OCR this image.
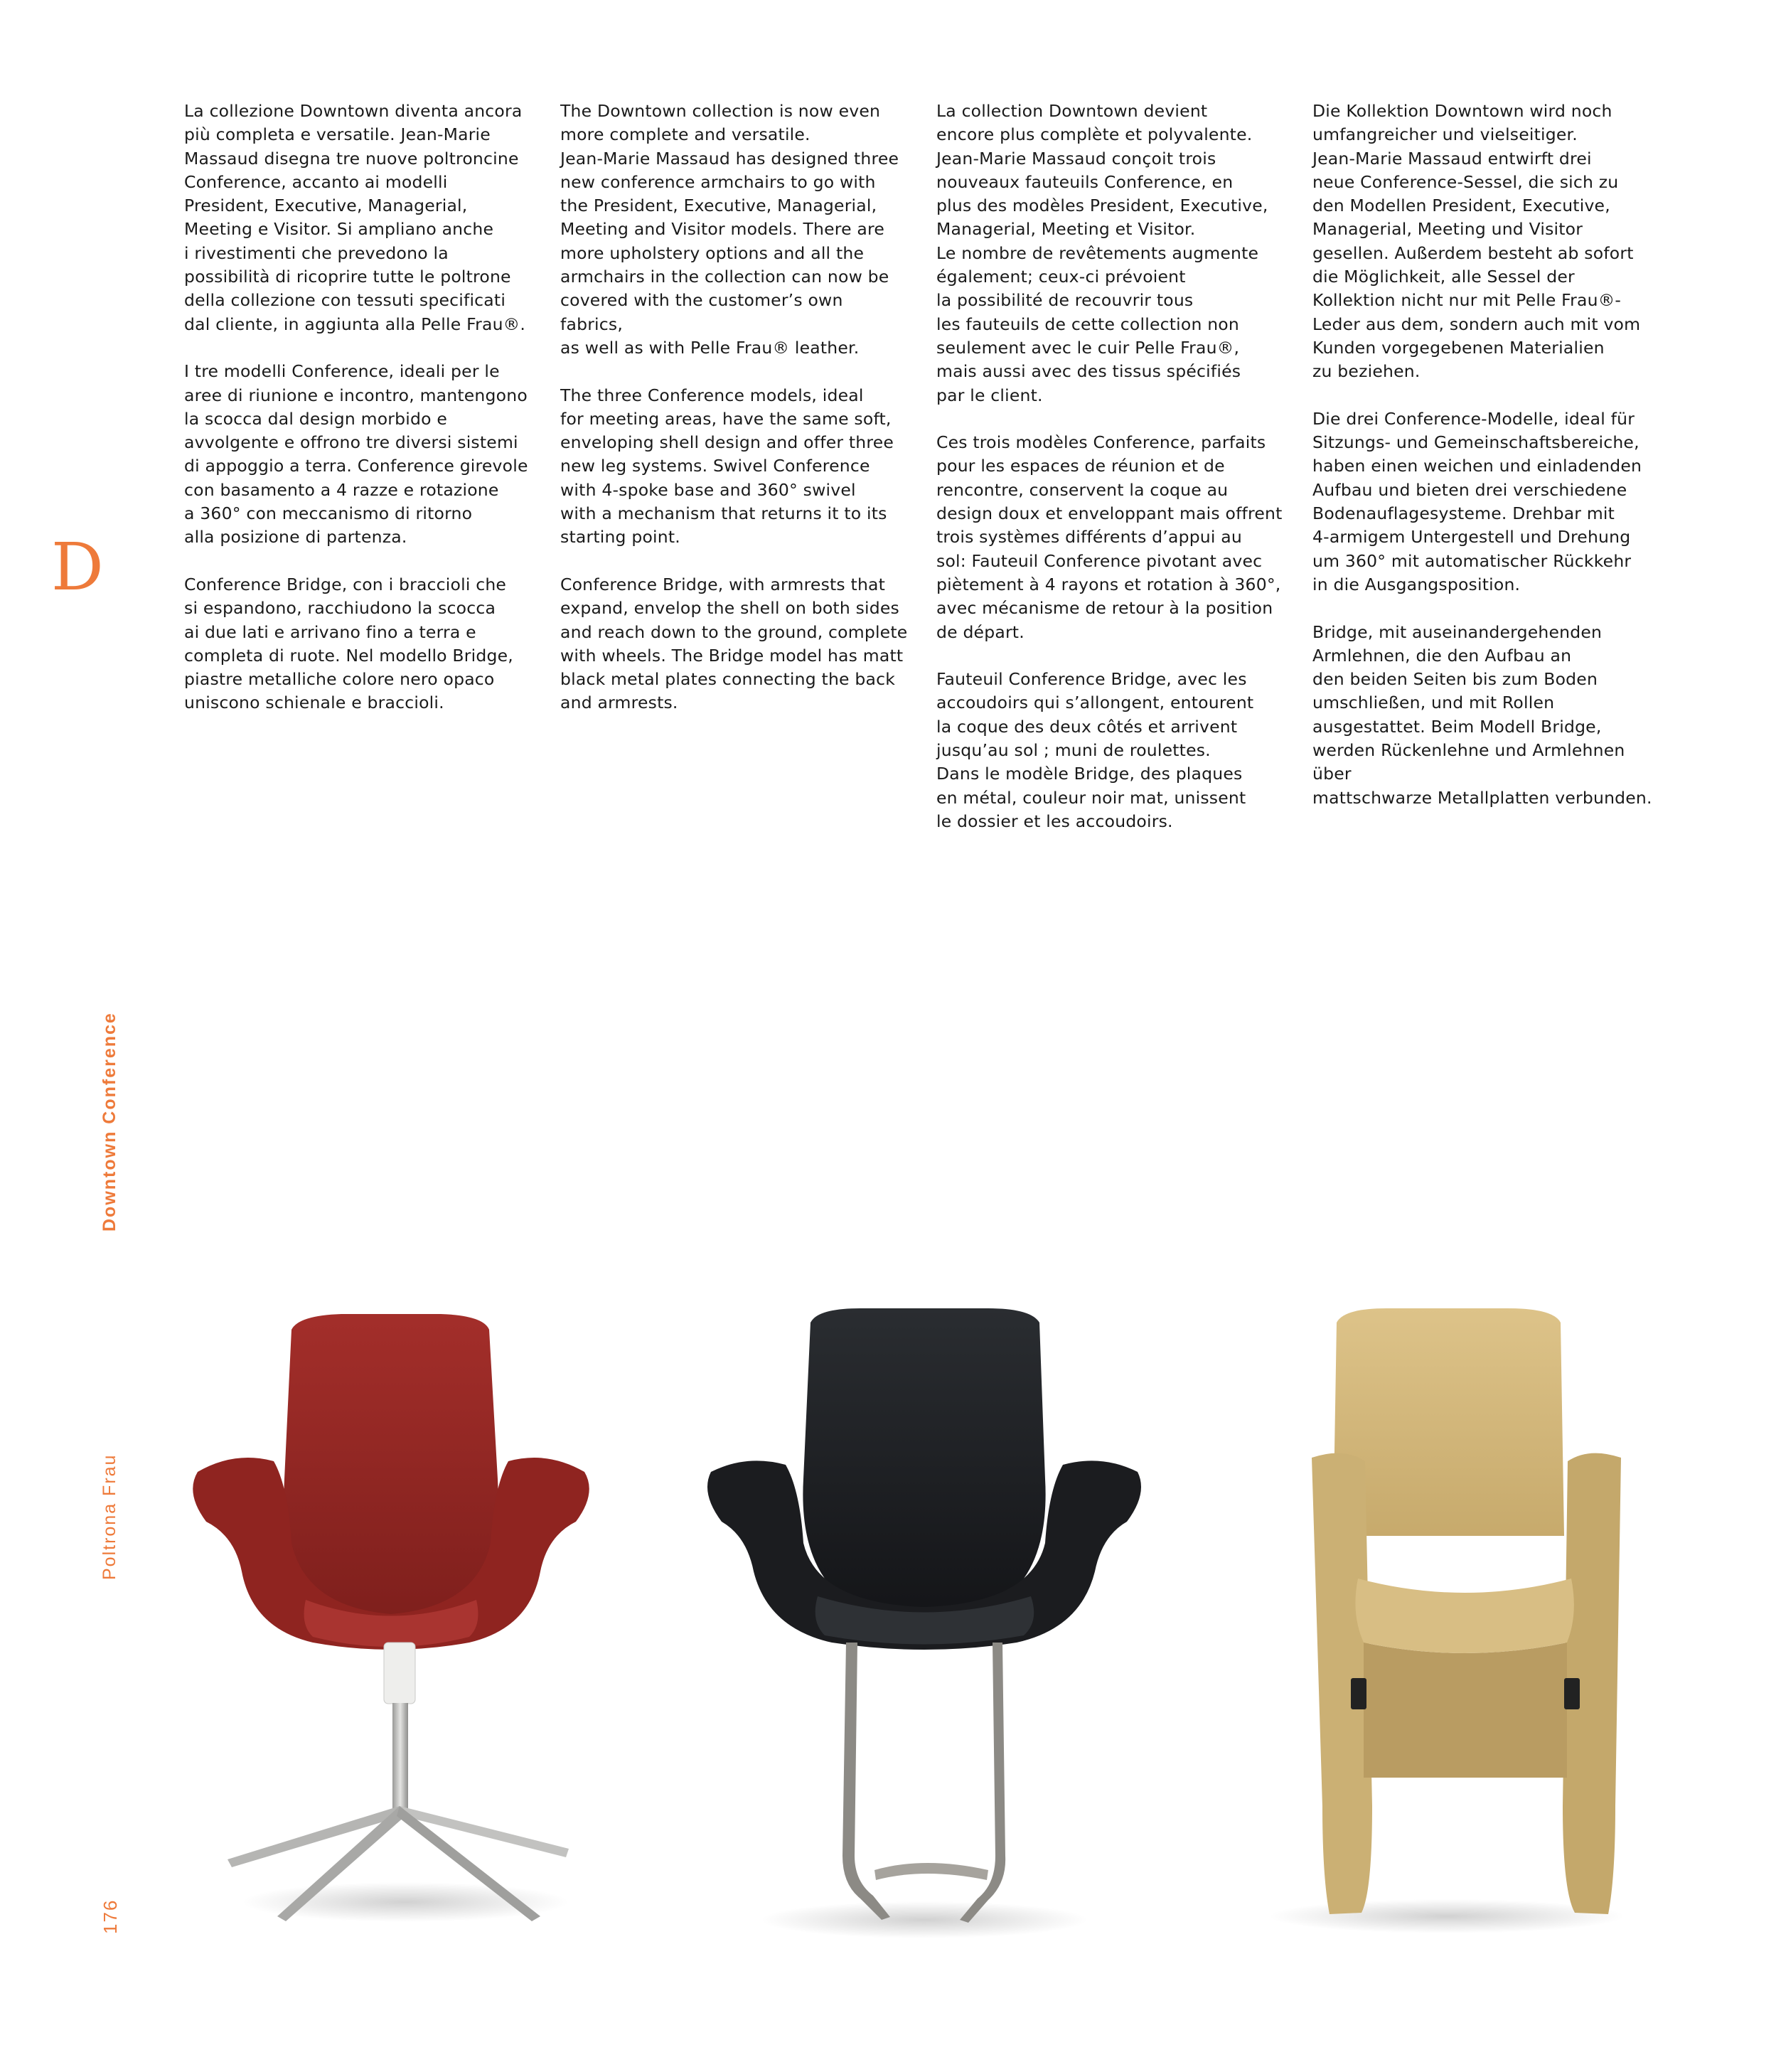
La collezione Downtown diventa ancora
più completa e versatile. Jean-Marie
Massaud disegna tre nuove poltroncine
Conference, accanto ai modelli
President, Executive, Managerial,
Meeting e Visitor. Si ampliano anche
i rivestimenti che prevedono la
possibilità di ricoprire tutte le poltrone
della collezione con tessuti specificati
dal cliente, in aggiunta alla Pelle Frau®.

I tre modelli Conference, ideali per le
aree di riunione e incontro, mantengono
la scocca dal design morbido e
avvolgente e offrono tre diversi sistemi
di appoggio a terra. Conference girevole
con basamento a 4 razze e rotazione
a 360° con meccanismo di ritorno
alla posizione di partenza.

Conference Bridge, con i braccioli che
si espandono, racchiudono la scocca
ai due lati e arrivano fino a terra e
completa di ruote. Nel modello Bridge,
piastre metalliche colore nero opaco
uniscono schienale e braccioli.

The Downtown collection is now even
more complete and versatile.
Jean-Marie Massaud has designed three
new conference armchairs to go with
the President, Executive, Managerial,
Meeting and Visitor models. There are
more upholstery options and all the
armchairs in the collection can now be
covered with the customer’s own fabrics,
as well as with Pelle Frau® leather.

The three Conference models, ideal
for meeting areas, have the same soft,
enveloping shell design and offer three
new leg systems. Swivel Conference
with 4-spoke base and 360° swivel
with a mechanism that returns it to its
starting point.

Conference Bridge, with armrests that
expand, envelop the shell on both sides
and reach down to the ground, complete
with wheels. The Bridge model has matt
black metal plates connecting the back
and armrests.

La collection Downtown devient
encore plus complète et polyvalente.
Jean-Marie Massaud conçoit trois
nouveaux fauteuils Conference, en
plus des modèles President, Executive,
Managerial, Meeting et Visitor.
Le nombre de revêtements augmente
également; ceux-ci prévoient
la possibilité de recouvrir tous
les fauteuils de cette collection non
seulement avec le cuir Pelle Frau®,
mais aussi avec des tissus spécifiés
par le client.

Ces trois modèles Conference, parfaits
pour les espaces de réunion et de
rencontre, conservent la coque au
design doux et enveloppant mais offrent
trois systèmes différents d’appui au
sol: Fauteuil Conference pivotant avec
piètement à 4 rayons et rotation à 360°,
avec mécanisme de retour à la position
de départ.

Fauteuil Conference Bridge, avec les
accoudoirs qui s’allongent, entourent
la coque des deux côtés et arrivent
jusqu’au sol ; muni de roulettes.
Dans le modèle Bridge, des plaques
en métal, couleur noir mat, unissent
le dossier et les accoudoirs.

Die Kollektion Downtown wird noch
umfangreicher und vielseitiger.
Jean-Marie Massaud entwirft drei
neue Conference-Sessel, die sich zu
den Modellen President, Executive,
Managerial, Meeting und Visitor
gesellen. Außerdem besteht ab sofort
die Möglichkeit, alle Sessel der
Kollektion nicht nur mit Pelle Frau®-
Leder aus dem, sondern auch mit vom
Kunden vorgegebenen Materialien
zu beziehen.

Die drei Conference-Modelle, ideal für
Sitzungs- und Gemeinschaftsbereiche,
haben einen weichen und einladenden
Aufbau und bieten drei verschiedene
Bodenauflagesysteme. Drehbar mit
4-armigem Untergestell und Drehung
um 360° mit automatischer Rückkehr
in die Ausgangsposition.

Bridge, mit auseinandergehenden
Armlehnen, die den Aufbau an
den beiden Seiten bis zum Boden
umschließen, und mit Rollen
ausgestattet. Beim Modell Bridge,
werden Rückenlehne und Armlehnen über
mattschwarze Metallplatten verbunden.

D
Downtown Conference
Poltrona Frau
176
